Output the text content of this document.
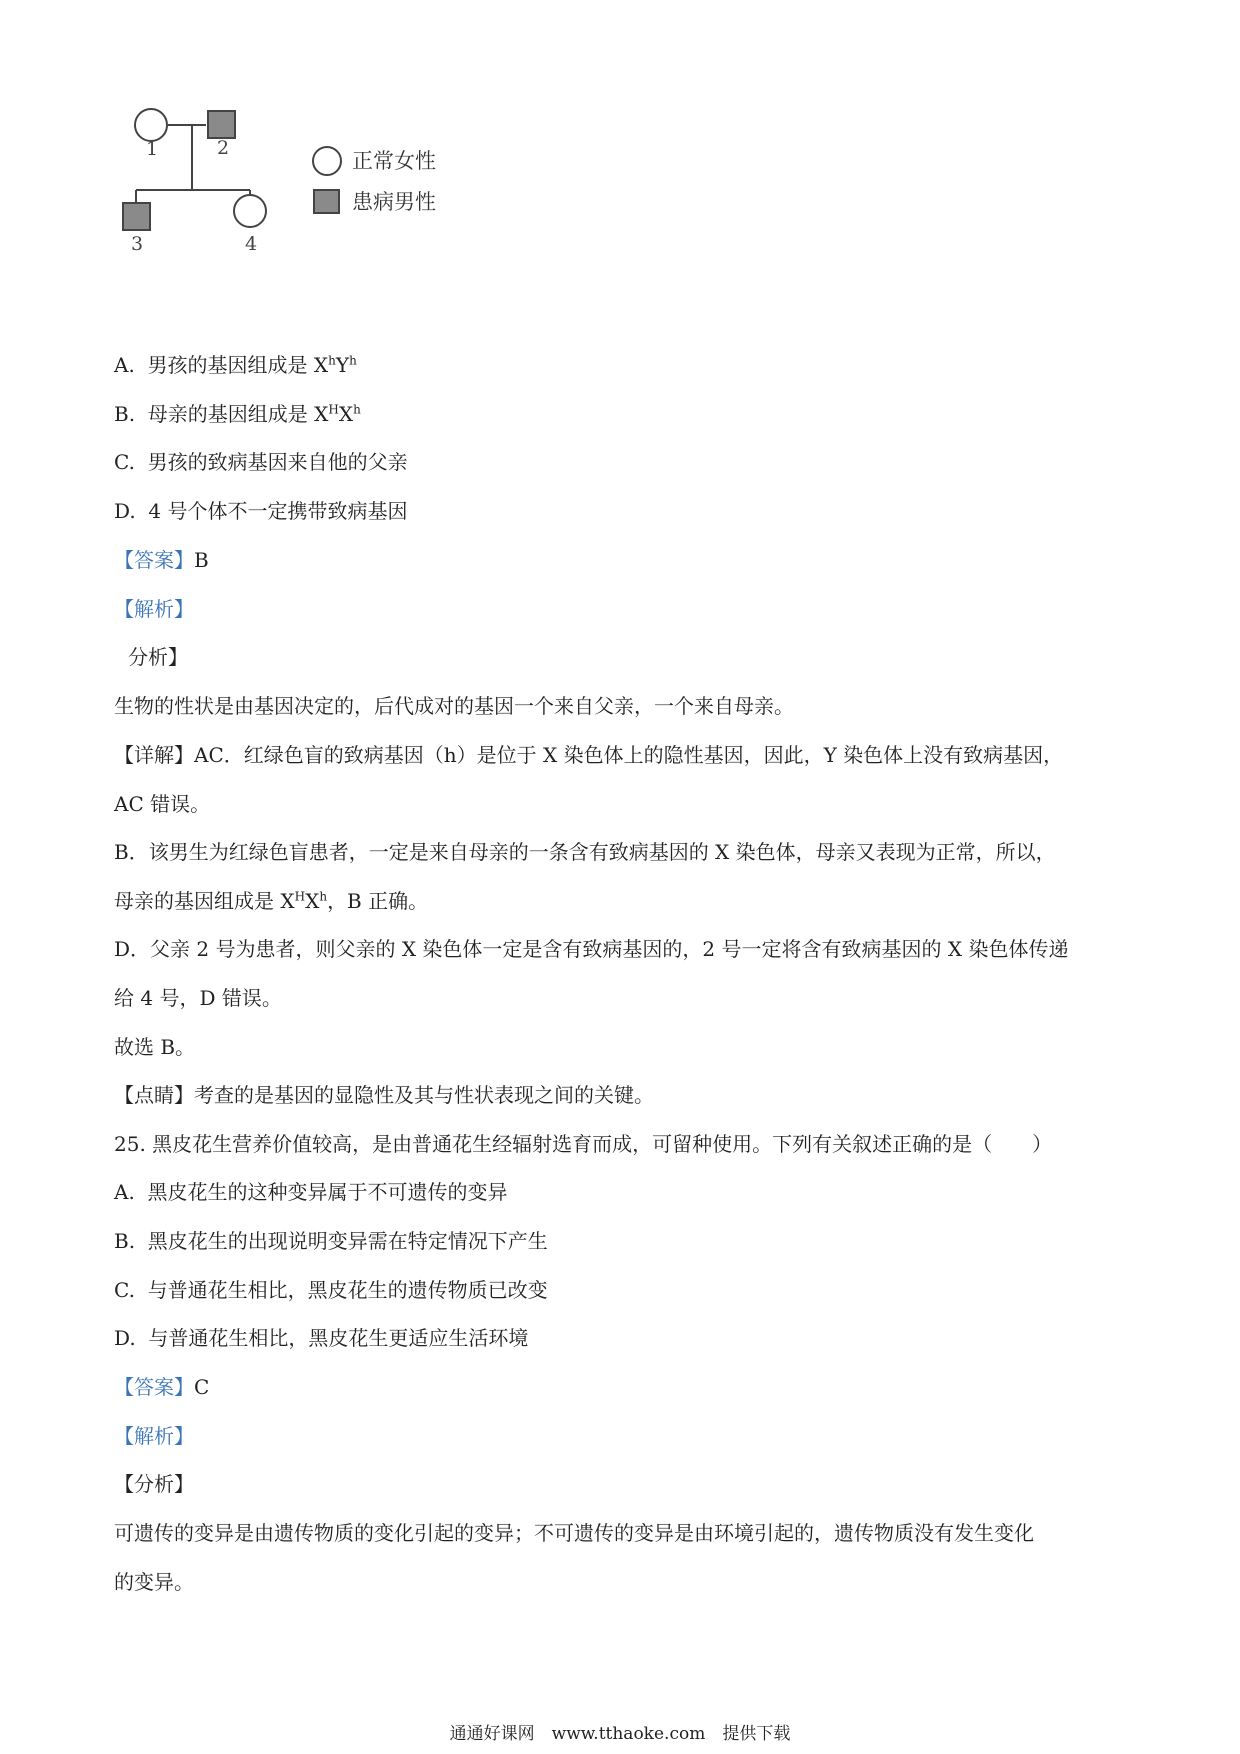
1	2
3	4
正常女性
患病男性
A. 男孩的基因组成是 $X^hY^h$
B. 母亲的基因组成是 $X^HX^h$
C. 男孩的致病基因来自他的父亲
D. 4 号个体不一定携带致病基因
【答案】B
【解析】
分析】
生物的性状是由基因决定的，后代成对的基因一个来自父亲，一个来自母亲。
【详解】AC．红绿色盲的致病基因（h）是位于 X 染色体上的隐性基因，因此，Y 染色体上没有致病基因，
AC 错误。
B．该男生为红绿色盲患者，一定是来自母亲的一条含有致病基因的 X 染色体，母亲又表现为正常，所以，
母亲的基因组成是 $X^HX^h$，B 正确。
D．父亲 2 号为患者，则父亲的 X 染色体一定是含有致病基因的，2 号一定将含有致病基因的 X 染色体传递
给 4 号，D 错误。
故选 B。
【点睛】考查的是基因的显隐性及其与性状表现之间的关键。
25. 黑皮花生营养价值较高，是由普通花生经辐射选育而成，可留种使用。下列有关叙述正确的是（　　）
A. 黑皮花生的这种变异属于不可遗传的变异
B. 黑皮花生的出现说明变异需在特定情况下产生
C. 与普通花生相比，黑皮花生的遗传物质已改变
D. 与普通花生相比，黑皮花生更适应生活环境
【答案】C
【解析】
【分析】
可遗传的变异是由遗传物质的变化引起的变异；不可遗传的变异是由环境引起的，遗传物质没有发生变化
的变异。
通通好课网　www.tthaoke.com　提供下载
